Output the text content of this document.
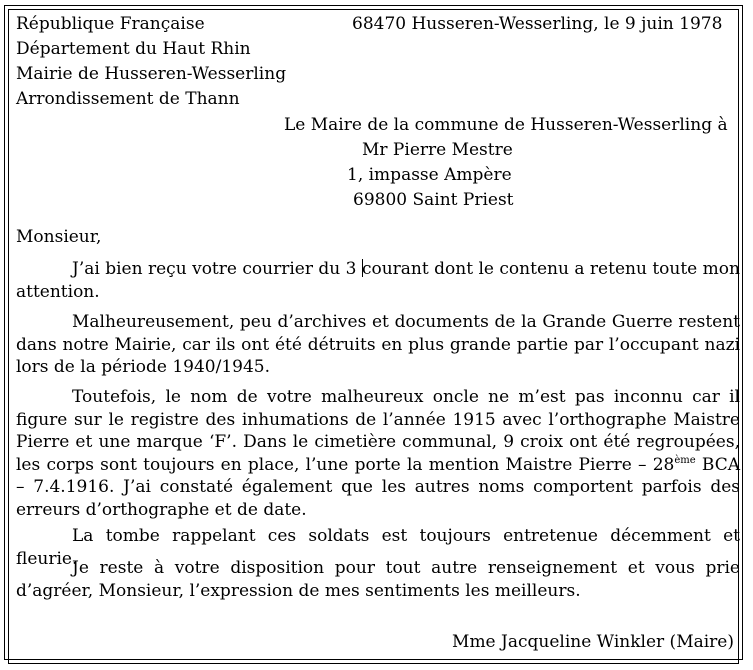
République Française
Département du Haut Rhin
Mairie de Husseren-Wesserling
Arrondissement de Thann
68470 Husseren-Wesserling, le 9 juin 1978
Le Maire de la commune de Husseren-Wesserling à
Mr Pierre Mestre
1, impasse Ampère
69800 Saint Priest
Monsieur,
J’ai bien reçu votre courrier du 3 courant dont le contenu a retenu toute mon attention.
Malheureusement, peu d’archives et documents de la Grande Guerre restent dans notre Mairie, car ils ont été détruits en plus grande partie par l’occupant nazi lors de la période 1940/1945.
Toutefois, le nom de votre malheureux oncle ne m’est pas inconnu car il figure sur le registre des inhumations de l’année 1915 avec l’orthographe Maistre Pierre et une marque ‘F’. Dans le cimetière communal, 9 croix ont été regroupées, les corps sont toujours en place, l’une porte la mention Maistre Pierre – 28ème BCA – 7.4.1916. J’ai constaté également que les autres noms comportent parfois des erreurs d’orthographe et de date.
La tombe rappelant ces soldats est toujours entretenue décemment et fleurie.
Je reste à votre disposition pour tout autre renseignement et vous prie d’agréer, Monsieur, l’expression de mes sentiments les meilleurs.
Mme Jacqueline Winkler (Maire)
